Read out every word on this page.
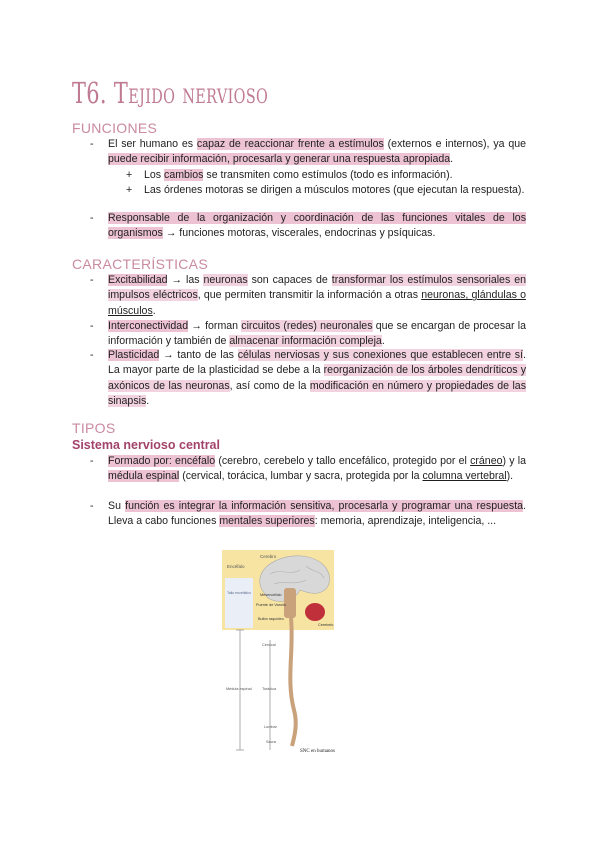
T6. Tejido nervioso
FUNCIONES
- El ser humano es capaz de reaccionar frente a estímulos (externos e internos), ya que puede recibir información, procesarla y generar una respuesta apropiada.
+ Los cambios se transmiten como estímulos (todo es información).
+ Las órdenes motoras se dirigen a músculos motores (que ejecutan la respuesta).
- Responsable de la organización y coordinación de las funciones vitales de los organismos → funciones motoras, viscerales, endocrinas y psíquicas.
CARACTERÍSTICAS
- Excitabilidad → las neuronas son capaces de transformar los estímulos sensoriales en impulsos eléctricos, que permiten transmitir la información a otras neuronas, glándulas o músculos.
- Interconectividad → forman circuitos (redes) neuronales que se encargan de procesar la información y también de almacenar información compleja.
- Plasticidad → tanto de las células nerviosas y sus conexiones que establecen entre sí. La mayor parte de la plasticidad se debe a la reorganización de los árboles dendríticos y axónicos de las neuronas, así como de la modificación en número y propiedades de las sinapsis.
TIPOS
Sistema nervioso central
- Formado por: encéfalo (cerebro, cerebelo y tallo encefálico, protegido por el cráneo) y la médula espinal (cervical, torácica, lumbar y sacra, protegida por la columna vertebral).
- Su función es integrar la información sensitiva, procesarla y programar una respuesta. Lleva a cabo funciones mentales superiores: memoria, aprendizaje, inteligencia, ...
Cerebro
Encéfalo
Tallo encefálico Mesencéfalo
Puente de Varolio
Bulbo raquídeo
Cerebelo
Cervical
Médula espinal	Torácica
Lumbar
Sacra
SNC en humanos
